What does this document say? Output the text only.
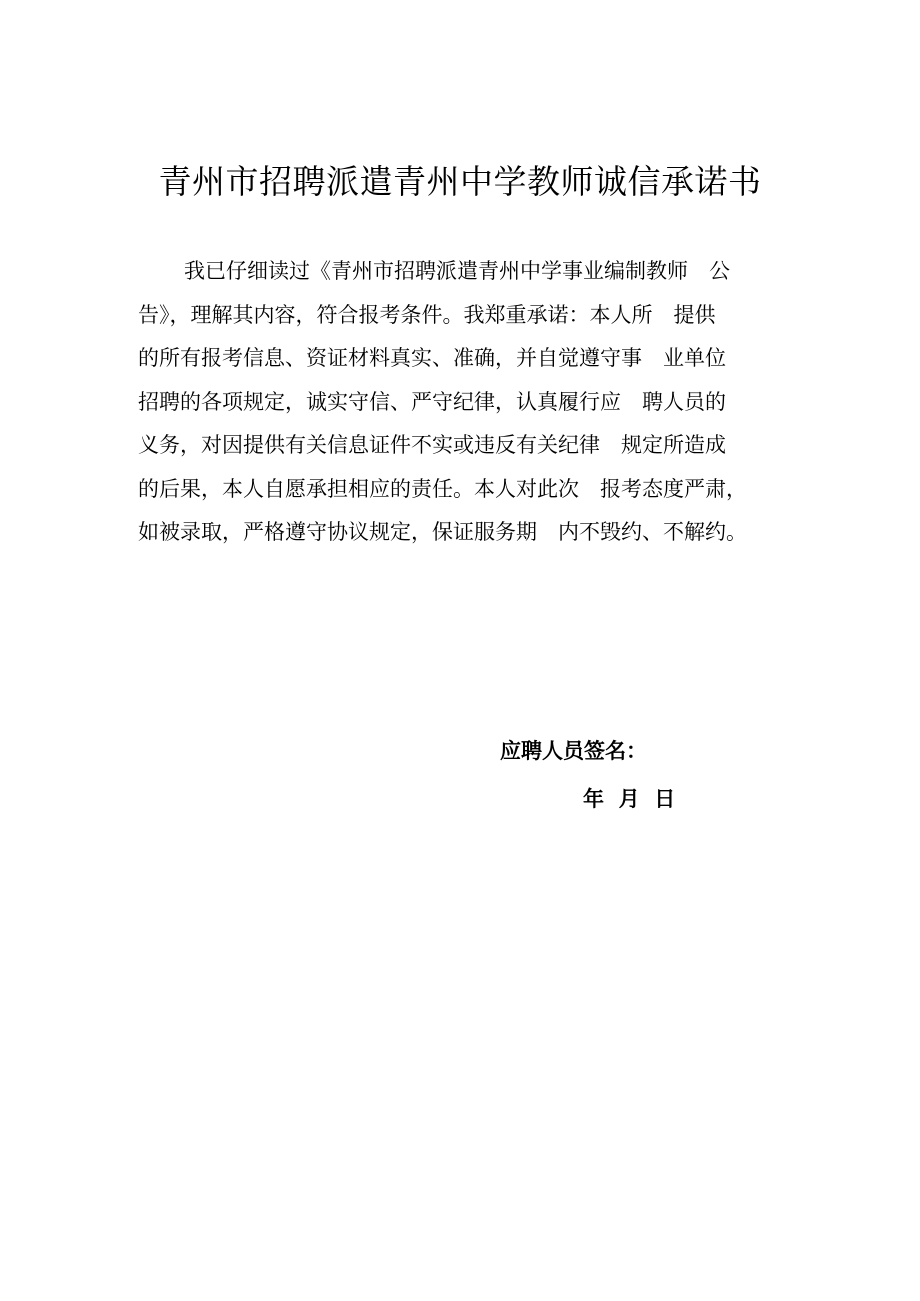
青州市招聘派遣青州中学教师诚信承诺书
我已仔细读过《青州市招聘派遣青州中学事业编制教师　公
告》，理解其内容，符合报考条件。我郑重承诺：本人所　提供
的所有报考信息、资证材料真实、准确，并自觉遵守事　业单位
招聘的各项规定，诚实守信、严守纪律，认真履行应　聘人员的
义务，对因提供有关信息证件不实或违反有关纪律　规定所造成
的后果，本人自愿承担相应的责任。本人对此次　报考态度严肃，
如被录取，严格遵守协议规定，保证服务期　内不毁约、不解约。
应聘人员签名：
年  月  日
